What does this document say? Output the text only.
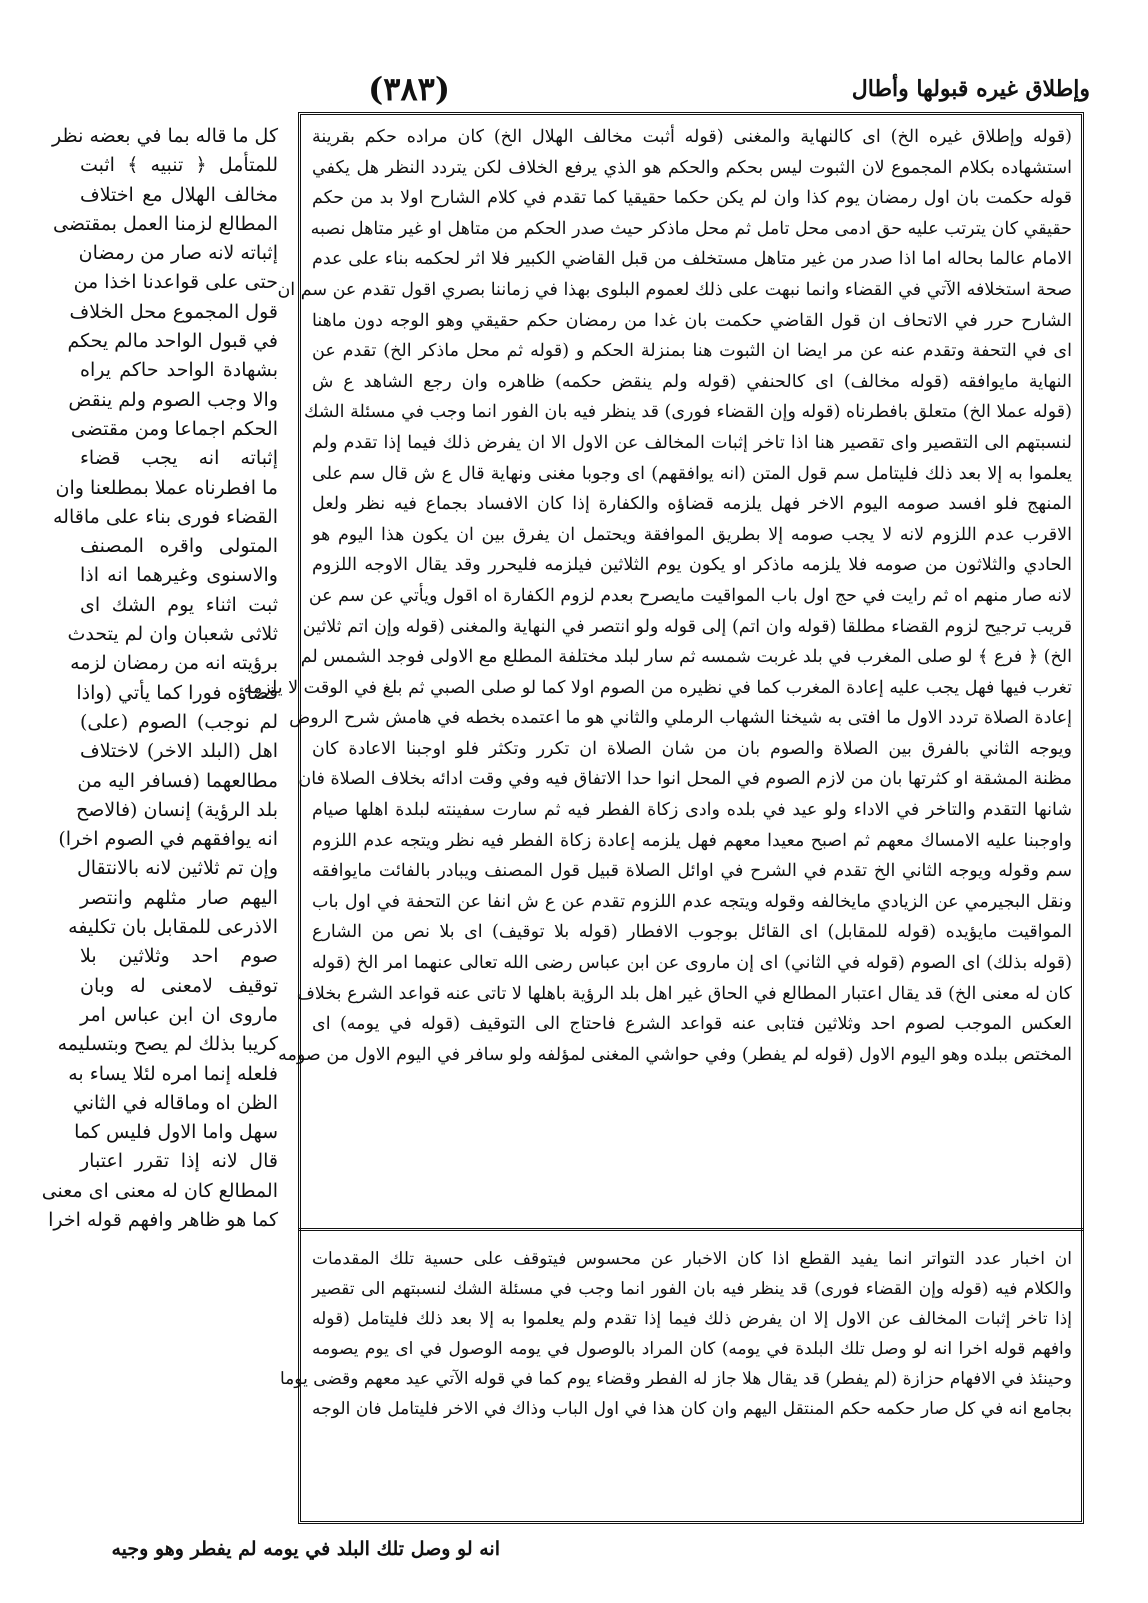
(٣٨٣)	وإطلاق غيره قبولها وأطال
كل ما قاله بما في بعضه نظر
للمتأمل ﴿ تنبيه ﴾ اثبت
مخالف الهلال مع اختلاف
المطالع لزمنا العمل بمقتضى
إثباته لانه صار من رمضان
حتى على قواعدنا اخذا من
قول المجموع محل الخلاف
في قبول الواحد مالم يحكم
بشهادة الواحد حاكم يراه
والا وجب الصوم ولم ينقض
الحكم اجماعا ومن مقتضى
إثباته انه يجب قضاء
ما افطرناه عملا بمطلعنا وان
القضاء فورى بناء على ماقاله
المتولى واقره المصنف
والاسنوى وغيرهما انه اذا
ثبت اثناء يوم الشك اى
ثلاثى شعبان وان لم يتحدث
برؤيته انه من رمضان لزمه
قضاؤه فورا كما يأتي (واذا
لم نوجب) الصوم (على)
اهل (البلد الاخر) لاختلاف
مطالعهما (فسافر اليه من
بلد الرؤية) إنسان (فالاصح
انه يوافقهم في الصوم اخرا)
وإن تم ثلاثين لانه بالانتقال
اليهم صار مثلهم وانتصر
الاذرعى للمقابل بان تكليفه
صوم احد وثلاثين بلا
توقيف لامعنى له وبان
ماروى ان ابن عباس امر
كريبا بذلك لم يصح وبتسليمه
فلعله إنما امره لئلا يساء به
الظن اه وماقاله في الثاني
سهل واما الاول فليس كما
قال لانه إذا تقرر اعتبار
المطالع كان له معنى اى معنى
كما هو ظاهر وافهم قوله اخرا
(قوله وإطلاق غيره الخ) اى كالنهاية والمغنى (قوله أثبت مخالف الهلال الخ) كان مراده حكم بقرينة
استشهاده بكلام المجموع لان الثبوت ليس بحكم والحكم هو الذي يرفع الخلاف لكن يتردد النظر هل يكفي
قوله حكمت بان اول رمضان يوم كذا وان لم يكن حكما حقيقيا كما تقدم في كلام الشارح اولا بد من حكم
حقيقي كان يترتب عليه حق ادمى محل تامل ثم محل ماذكر حيث صدر الحكم من متاهل او غير متاهل نصبه
الامام عالما بحاله اما اذا صدر من غير متاهل مستخلف من قبل القاضي الكبير فلا اثر لحكمه بناء على عدم
صحة استخلافه الآتي في القضاء وانما نبهت على ذلك لعموم البلوى بهذا في زماننا بصري اقول تقدم عن سم ان
الشارح حرر في الاتحاف ان قول القاضي حكمت بان غدا من رمضان حكم حقيقي وهو الوجه دون ماهنا
اى في التحفة وتقدم عنه عن مر ايضا ان الثبوت هنا بمنزلة الحكم و (قوله ثم محل ماذكر الخ) تقدم عن
النهاية مايوافقه (قوله مخالف) اى كالحنفي (قوله ولم ينقض حكمه) ظاهره وان رجع الشاهد ع ش
(قوله عملا الخ) متعلق بافطرناه (قوله وإن القضاء فورى) قد ينظر فيه بان الفور انما وجب في مسئلة الشك
لنسبتهم الى التقصير واى تقصير هنا اذا تاخر إثبات المخالف عن الاول الا ان يفرض ذلك فيما إذا تقدم ولم
يعلموا به إلا بعد ذلك فليتامل سم قول المتن (انه يوافقهم) اى وجوبا مغنى ونهاية قال ع ش قال سم على
المنهج فلو افسد صومه اليوم الاخر فهل يلزمه قضاؤه والكفارة إذا كان الافساد بجماع فيه نظر ولعل
الاقرب عدم اللزوم لانه لا يجب صومه إلا بطريق الموافقة ويحتمل ان يفرق بين ان يكون هذا اليوم هو
الحادي والثلاثون من صومه فلا يلزمه ماذكر او يكون يوم الثلاثين فيلزمه فليحرر وقد يقال الاوجه اللزوم
لانه صار منهم اه ثم رايت في حج اول باب المواقيت مايصرح بعدم لزوم الكفارة اه اقول ويأتي عن سم عن
قريب ترجيح لزوم القضاء مطلقا (قوله وان اتم) إلى قوله ولو انتصر في النهاية والمغنى (قوله وإن اتم ثلاثين
الخ) ﴿ فرع ﴾ لو صلى المغرب في بلد غربت شمسه ثم سار لبلد مختلفة المطلع مع الاولى فوجد الشمس لم
تغرب فيها فهل يجب عليه إعادة المغرب كما في نظيره من الصوم اولا كما لو صلى الصبي ثم بلغ في الوقت لا يلزمه
إعادة الصلاة تردد الاول ما افتى به شيخنا الشهاب الرملي والثاني هو ما اعتمده بخطه في هامش شرح الروض
ويوجه الثاني بالفرق بين الصلاة والصوم بان من شان الصلاة ان تكرر وتكثر فلو اوجبنا الاعادة كان
مظنة المشقة او كثرتها بان من لازم الصوم في المحل انوا حدا الاتفاق فيه وفي وقت ادائه بخلاف الصلاة فان
شانها التقدم والتاخر في الاداء ولو عيد في بلده وادى زكاة الفطر فيه ثم سارت سفينته لبلدة اهلها صيام
واوجبنا عليه الامساك معهم ثم اصبح معيدا معهم فهل يلزمه إعادة زكاة الفطر فيه نظر ويتجه عدم اللزوم
سم وقوله ويوجه الثاني الخ تقدم في الشرح في اوائل الصلاة قبيل قول المصنف ويبادر بالفائت مايوافقه
ونقل البجيرمي عن الزيادي مايخالفه وقوله ويتجه عدم اللزوم تقدم عن ع ش انفا عن التحفة في اول باب
المواقيت مايؤيده (قوله للمقابل) اى القائل بوجوب الافطار (قوله بلا توقيف) اى بلا نص من الشارع
(قوله بذلك) اى الصوم (قوله في الثاني) اى إن ماروى عن ابن عباس رضى الله تعالى عنهما امر الخ (قوله
كان له معنى الخ) قد يقال اعتبار المطالع في الحاق غير اهل بلد الرؤية باهلها لا تاتى عنه قواعد الشرع بخلاف
العكس الموجب لصوم احد وثلاثين فتابى عنه قواعد الشرع فاحتاج الى التوقيف (قوله في يومه) اى
المختص ببلده وهو اليوم الاول (قوله لم يفطر) وفي حواشي المغنى لمؤلفه ولو سافر في اليوم الاول من صومه
ان اخبار عدد التواتر انما يفيد القطع اذا كان الاخبار عن محسوس فيتوقف على حسية تلك المقدمات
والكلام فيه (قوله وإن القضاء فورى) قد ينظر فيه بان الفور انما وجب في مسئلة الشك لنسبتهم الى تقصير
إذا تاخر إثبات المخالف عن الاول إلا ان يفرض ذلك فيما إذا تقدم ولم يعلموا به إلا بعد ذلك فليتامل (قوله
وافهم قوله اخرا انه لو وصل تلك البلدة في يومه) كان المراد بالوصول في يومه الوصول في اى يوم يصومه
وحينئذ في الافهام حزازة (لم يفطر) قد يقال هلا جاز له الفطر وقضاء يوم كما في قوله الآتي عيد معهم وقضى يوما
بجامع انه في كل صار حكمه حكم المنتقل اليهم وان كان هذا في اول الباب وذاك في الاخر فليتامل فان الوجه
انه لو وصل تلك البلد في يومه لم يفطر وهو وجيه
